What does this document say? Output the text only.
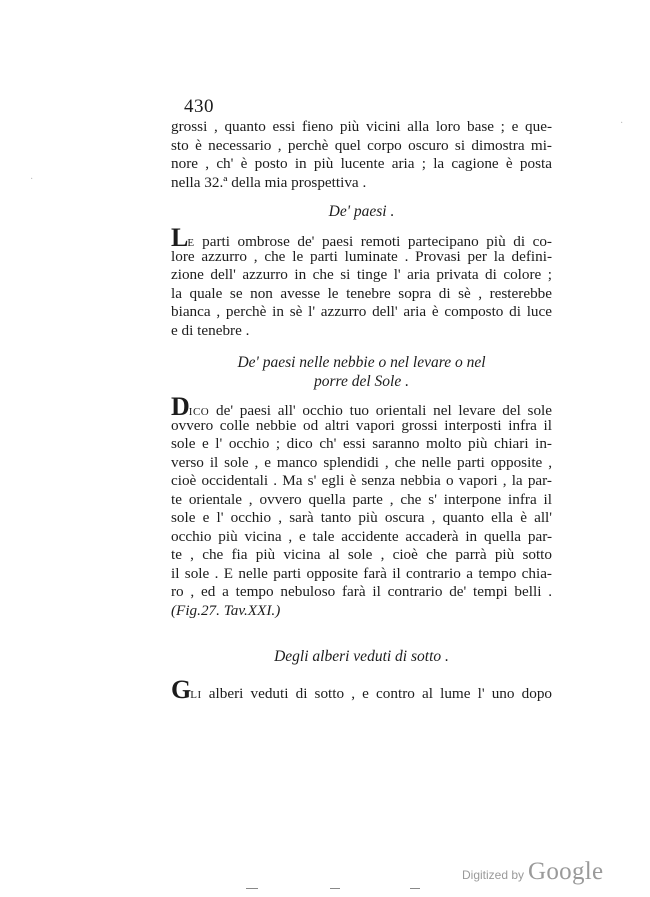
430
grossi , quanto essi fieno più vicini alla loro base ; e que-
sto è necessario , perchè quel corpo oscuro si dimostra mi-
nore , ch' è posto in più lucente aria ; la cagione è posta
nella 32.ª della mia prospettiva .
De' paesi .
LE parti ombrose de' paesi remoti partecipano più di co-
lore azzurro , che le parti luminate . Provasi per la defini-
zione dell' azzurro in che si tinge l' aria privata di colore ;
la quale se non avesse le tenebre sopra di sè , resterebbe
bianca , perchè in sè l' azzurro dell' aria è composto di luce
e di tenebre .
De' paesi nelle nebbie o nel levare o nel
porre del Sole .
DICO de' paesi all' occhio tuo orientali nel levare del sole
ovvero colle nebbie od altri vapori grossi interposti infra il
sole e l' occhio ; dico ch' essi saranno molto più chiari in-
verso il sole , e manco splendidi , che nelle parti opposite ,
cioè occidentali . Ma s' egli è senza nebbia o vapori , la par-
te orientale , ovvero quella parte , che s' interpone infra il
sole e l' occhio , sarà tanto più oscura , quanto ella è all'
occhio più vicina , e tale accidente accaderà in quella par-
te , che fia più vicina al sole , cioè che parrà più sotto
il sole . E nelle parti opposite farà il contrario a tempo chia-
ro , ed a tempo nebuloso farà il contrario de' tempi belli .
(Fig.27. Tav.XXI.)
Degli alberi veduti di sotto .
GLI alberi veduti di sotto , e contro al lume l' uno dopo
·
·
Digitized by Google
